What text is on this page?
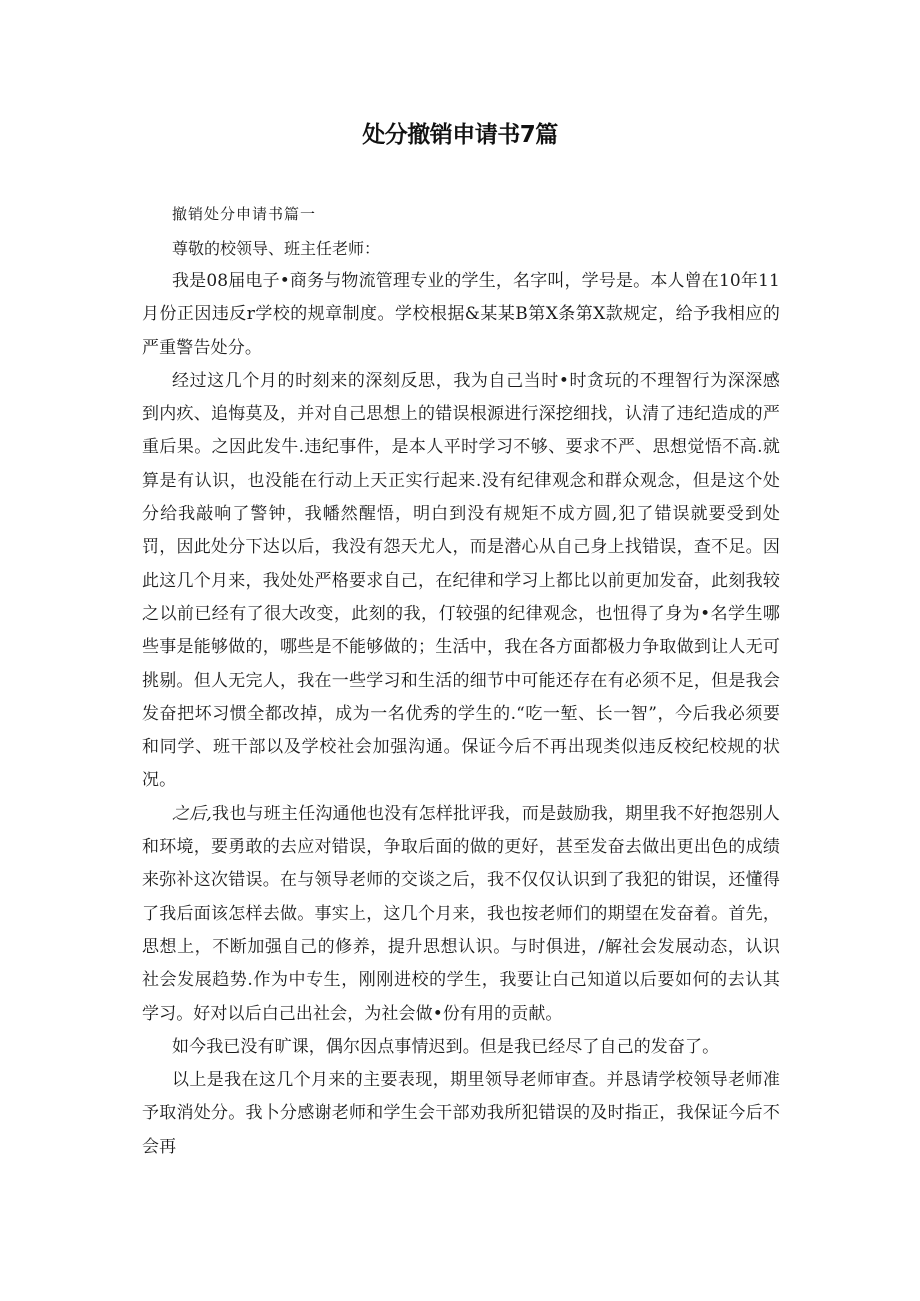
处分撤销申请书7篇

撤销处分申请书篇一

尊敬的校领导、班主任老师：

我是08届电子•商务与物流管理专业的学生，名字叫，学号是。本人曾在10年11月份正因违反r学校的规章制度。学校根据&某某B第X条第X款规定，给予我相应的严重警告处分。

经过这几个月的时刻来的深刻反思，我为自己当时•时贪玩的不理智行为深深感到内疚、追悔莫及，并对自己思想上的错误根源进行深挖细找，认清了违纪造成的严重后果。之因此发牛.违纪事件，是本人平时学习不够、要求不严、思想觉悟不高.就算是有认识，也没能在行动上天正实行起来.没有纪律观念和群众观念，但是这个处分给我敲响了警钟，我幡然醒悟，明白到没有规矩不成方圆,犯了错误就要受到处罚，因此处分下达以后，我没有怨天尤人，而是潜心从自己身上找错误，查不足。因此这几个月来，我处处严格要求自己，在纪律和学习上都比以前更加发奋，此刻我较之以前已经有了很大改变，此刻的我，仃较强的纪律观念，也忸得了身为•名学生哪些事是能够做的，哪些是不能够做的；生活中，我在各方面都极力争取做到让人无可挑剔。但人无完人，我在一些学习和生活的细节中可能还存在有必须不足，但是我会发奋把坏习惯全都改掉，成为一名优秀的学生的.“吃一堑、长一智”，今后我必须要和同学、班干部以及学校社会加强沟通。保证今后不再出现类似违反校纪校规的状况。

之后,我也与班主任沟通他也没有怎样批评我，而是鼓励我，期里我不好抱怨别人和环境，要勇敢的去应对错误，争取后面的做的更好，甚至发奋去做出更出色的成绩来弥补这次错误。在与领导老师的交谈之后，我不仅仅认识到了我犯的钳误，还懂得了我后面该怎样去做。事实上，这几个月来，我也按老师们的期望在发奋着。首先，思想上，不断加强自己的修养，提升思想认识。与时俱进，/解社会发展动态，认识社会发展趋势.作为中专生，刚刚进校的学生，我要让白己知道以后要如何的去认其学习。好对以后白己出社会，为社会做•份有用的贡献。

如今我已没有旷课，偶尔因点事情迟到。但是我已经尽了自己的发奋了。

以上是我在这几个月来的主要表现，期里领导老师审查。并恳请学校领导老师准予取消处分。我卜分感谢老师和学生会干部劝我所犯错误的及时指正，我保证今后不会再
